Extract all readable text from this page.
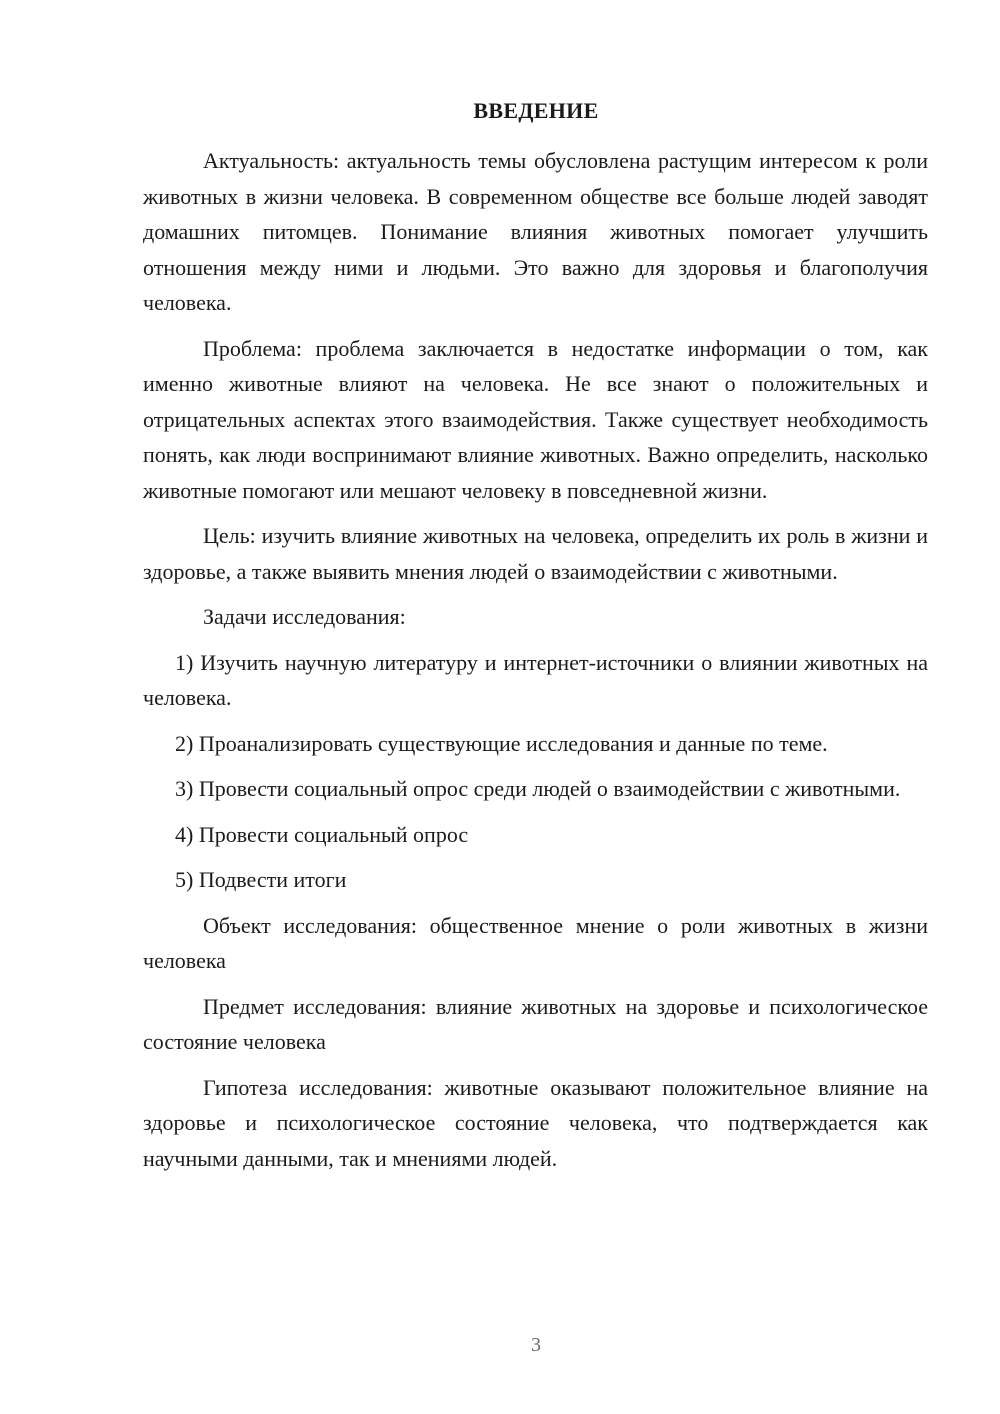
ВВЕДЕНИЕ

Актуальность: актуальность темы обусловлена растущим интересом к роли животных в жизни человека. В современном обществе все больше людей заводят домашних питомцев. Понимание влияния животных помогает улучшить отношения между ними и людьми. Это важно для здоровья и благополучия человека.

Проблема: проблема заключается в недостатке информации о том, как именно животные влияют на человека. Не все знают о положительных и отрицательных аспектах этого взаимодействия. Также существует необходимость понять, как люди воспринимают влияние животных. Важно определить, насколько животные помогают или мешают человеку в повседневной жизни.

Цель: изучить влияние животных на человека, определить их роль в жизни и здоровье, а также выявить мнения людей о взаимодействии с животными.

Задачи исследования:

1) Изучить научную литературу и интернет-источники о влиянии животных на человека.

2) Проанализировать существующие исследования и данные по теме.

3) Провести социальный опрос среди людей о взаимодействии с животными.

4) Провести социальный опрос

5) Подвести итоги

Объект исследования: общественное мнение о роли животных в жизни человека

Предмет исследования: влияние животных на здоровье и психологическое состояние человека

Гипотеза исследования: животные оказывают положительное влияние на здоровье и психологическое состояние человека, что подтверждается как научными данными, так и мнениями людей.

3
